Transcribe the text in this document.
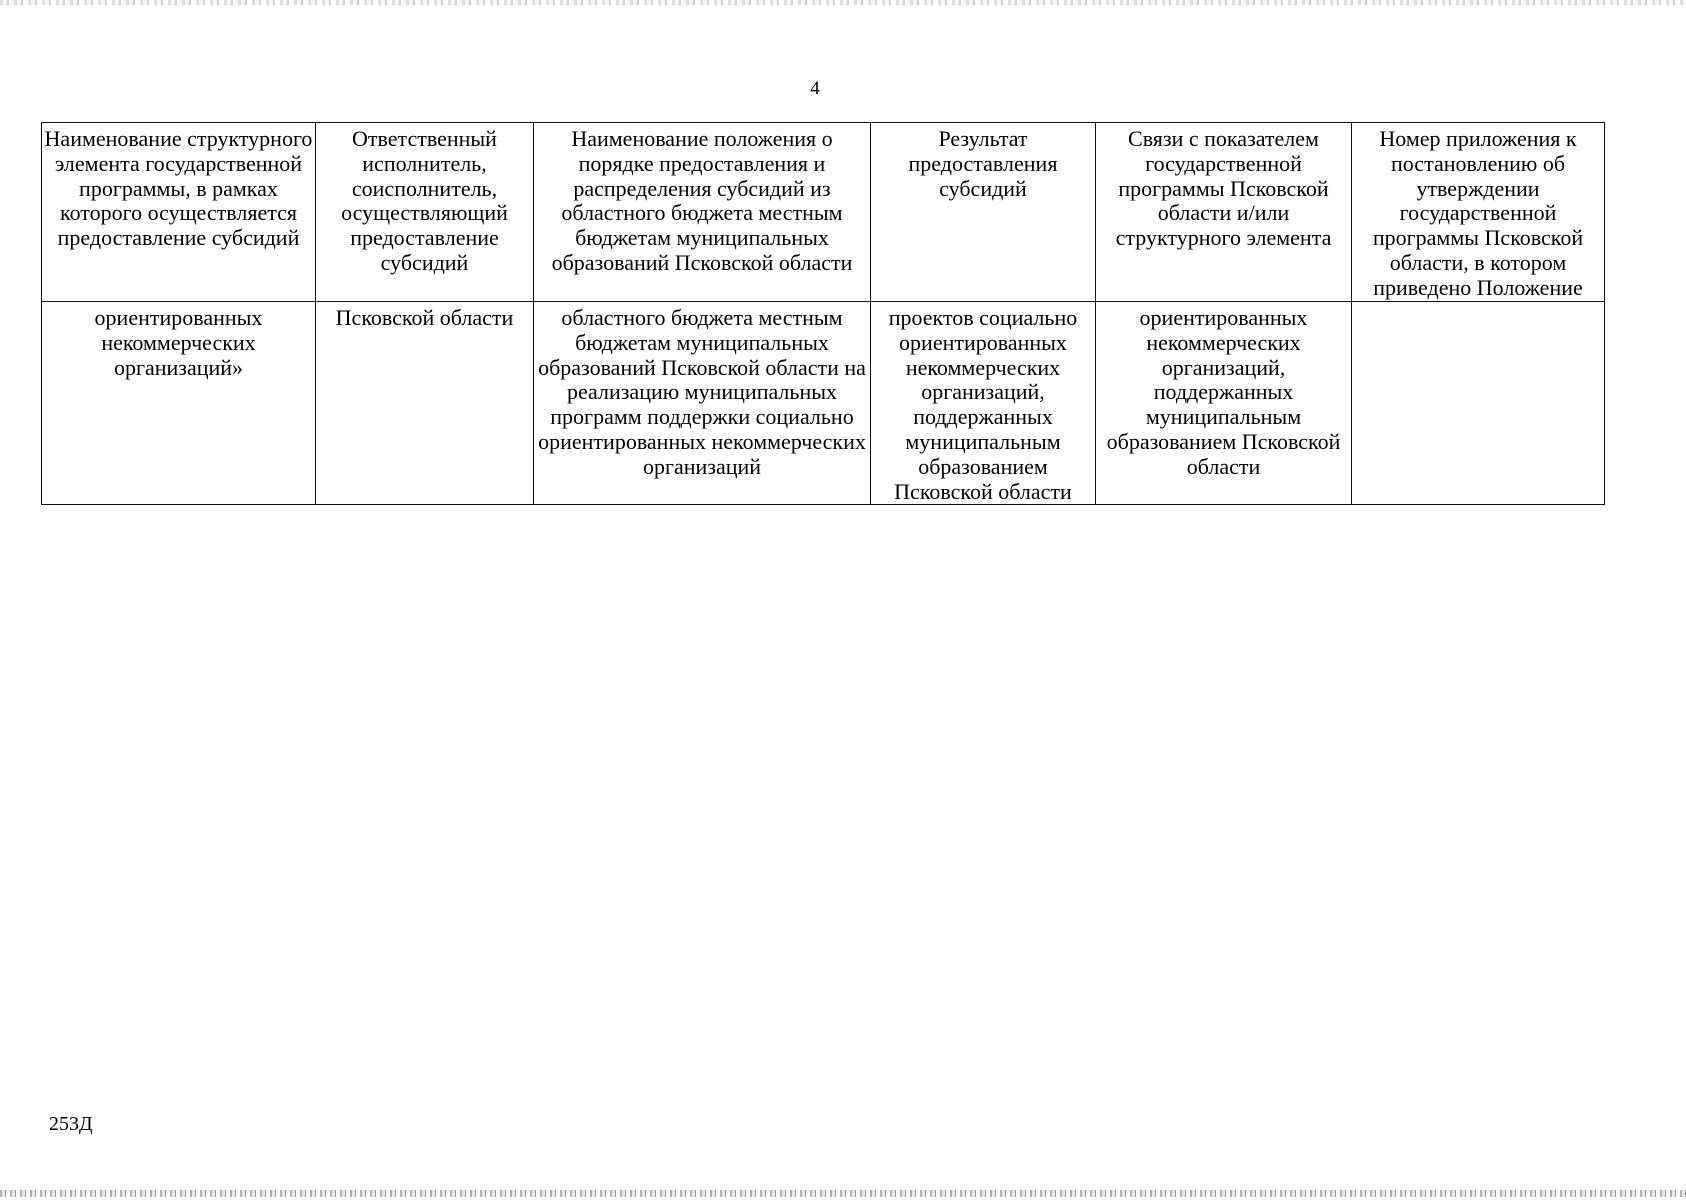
4
Наименование структурного элемента государственной программы, в рамках которого осуществляется предоставление субсидий	Ответственный исполнитель, соисполнитель, осуществляющий предоставление субсидий	Наименование положения о порядке предоставления и распределения субсидий из областного бюджета местным бюджетам муниципальных образований Псковской области	Результат предоставления субсидий	Связи с показателем государственной программы Псковской области и/или структурного элемента	Номер приложения к постановлению об утверждении государственной программы Псковской области, в котором приведено Положение
ориентированных некоммерческих организаций»	Псковской области	областного бюджета местным бюджетам муниципальных образований Псковской области на реализацию муниципальных программ поддержки социально ориентированных некоммерческих организаций	проектов социально ориентированных некоммерческих организаций, поддержанных муниципальным образованием Псковской области	ориентированных некоммерческих организаций, поддержанных муниципальным образованием Псковской области	
253Д
